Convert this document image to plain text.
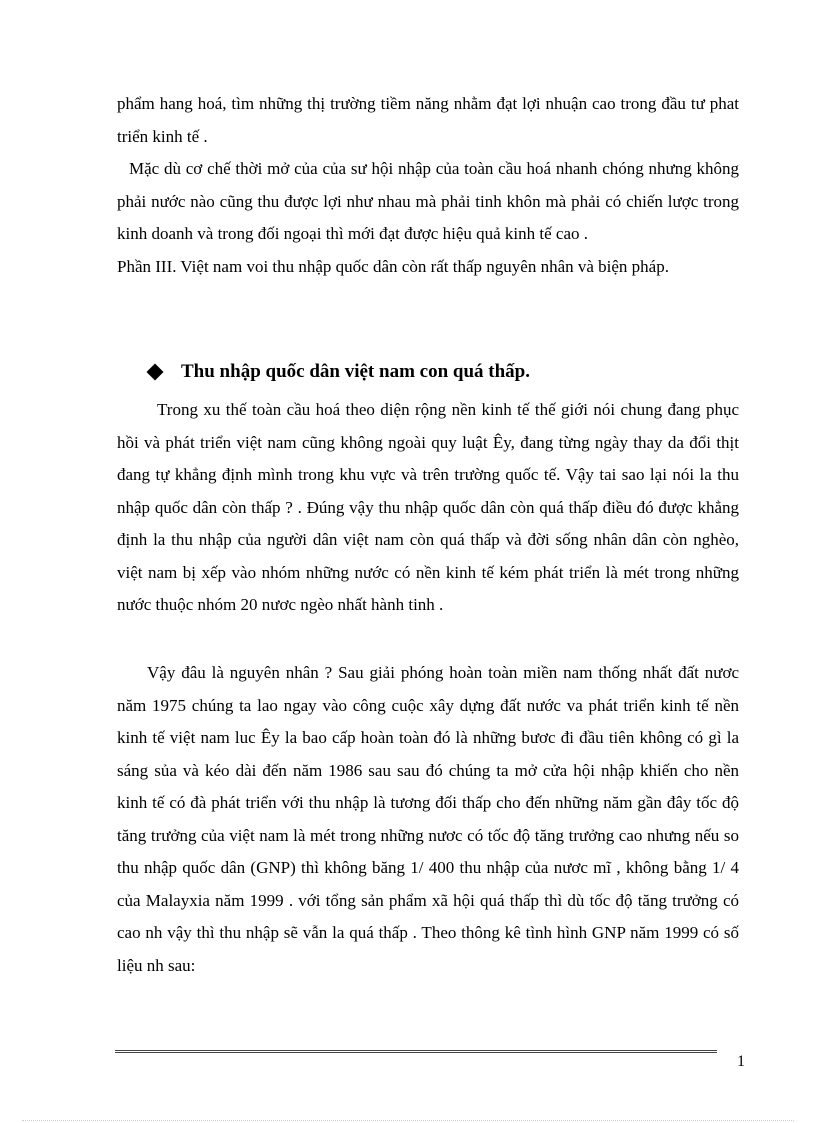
phẩm hang hoá, tìm những thị trường tiềm năng nhằm đạt lợi nhuận cao trong đầu tư phat triển kinh tế .

Mặc dù cơ chế thời mở của của sư hội nhập của toàn cầu hoá nhanh chóng nhưng không phải nước nào cũng thu được lợi như nhau mà phải tinh khôn mà phải có chiến lược trong kinh doanh và trong đối ngoại thì mới đạt được hiệu quả kinh tế cao .

Phần III. Việt nam voi thu nhập quốc dân còn rất thấp nguyên nhân và biện pháp.

Thu nhập quốc dân việt nam con quá thấp.

Trong xu thế toàn cầu hoá theo diện rộng nền kinh tế thế giới nói chung đang phục hồi và phát triển việt nam cũng không ngoài quy luật Êy, đang từng ngày thay da đổi thịt đang tự khẳng định mình trong khu vực và trên trường quốc tế. Vậy tai sao lại nói la thu nhập quốc dân còn thấp ? . Đúng vậy thu nhập quốc dân còn quá thấp điều đó được khẳng định la thu nhập của người dân việt nam còn quá thấp và đời sống nhân dân còn nghèo, việt nam bị xếp vào nhóm những nước có nền kinh tế kém phát triển là mét trong những nước thuộc nhóm 20 nươc ngèo nhất hành tinh .

Vậy đâu là nguyên nhân ? Sau giải phóng hoàn toàn miền nam thống nhất đất nươc năm 1975 chúng ta lao ngay vào công cuộc xây dựng đất nước va phát triển kinh tế nền kinh tế việt nam luc Êy la bao cấp hoàn toàn đó là những bươc đi đầu tiên không có gì la sáng sủa và kéo dài đến năm 1986 sau sau đó chúng ta mở cửa hội nhập khiến cho nền kinh tế có đà phát triển với thu nhập là tương đối thấp cho đến những năm gần đây tốc độ tăng trưởng của việt nam là mét trong những nươc có tốc độ tăng trưởng cao nhưng nếu so thu nhập quốc dân (GNP) thì không băng 1/ 400 thu nhập của nươc mĩ , không bằng 1/ 4 của Malayxia năm 1999 . với tổng sản phẩm xã hội quá thấp thì dù tốc độ tăng trưởng có cao nh vậy thì thu nhập sẽ vẫn la quá thấp . Theo thông kê tình hình GNP năm 1999 có số liệu nh sau:

1
